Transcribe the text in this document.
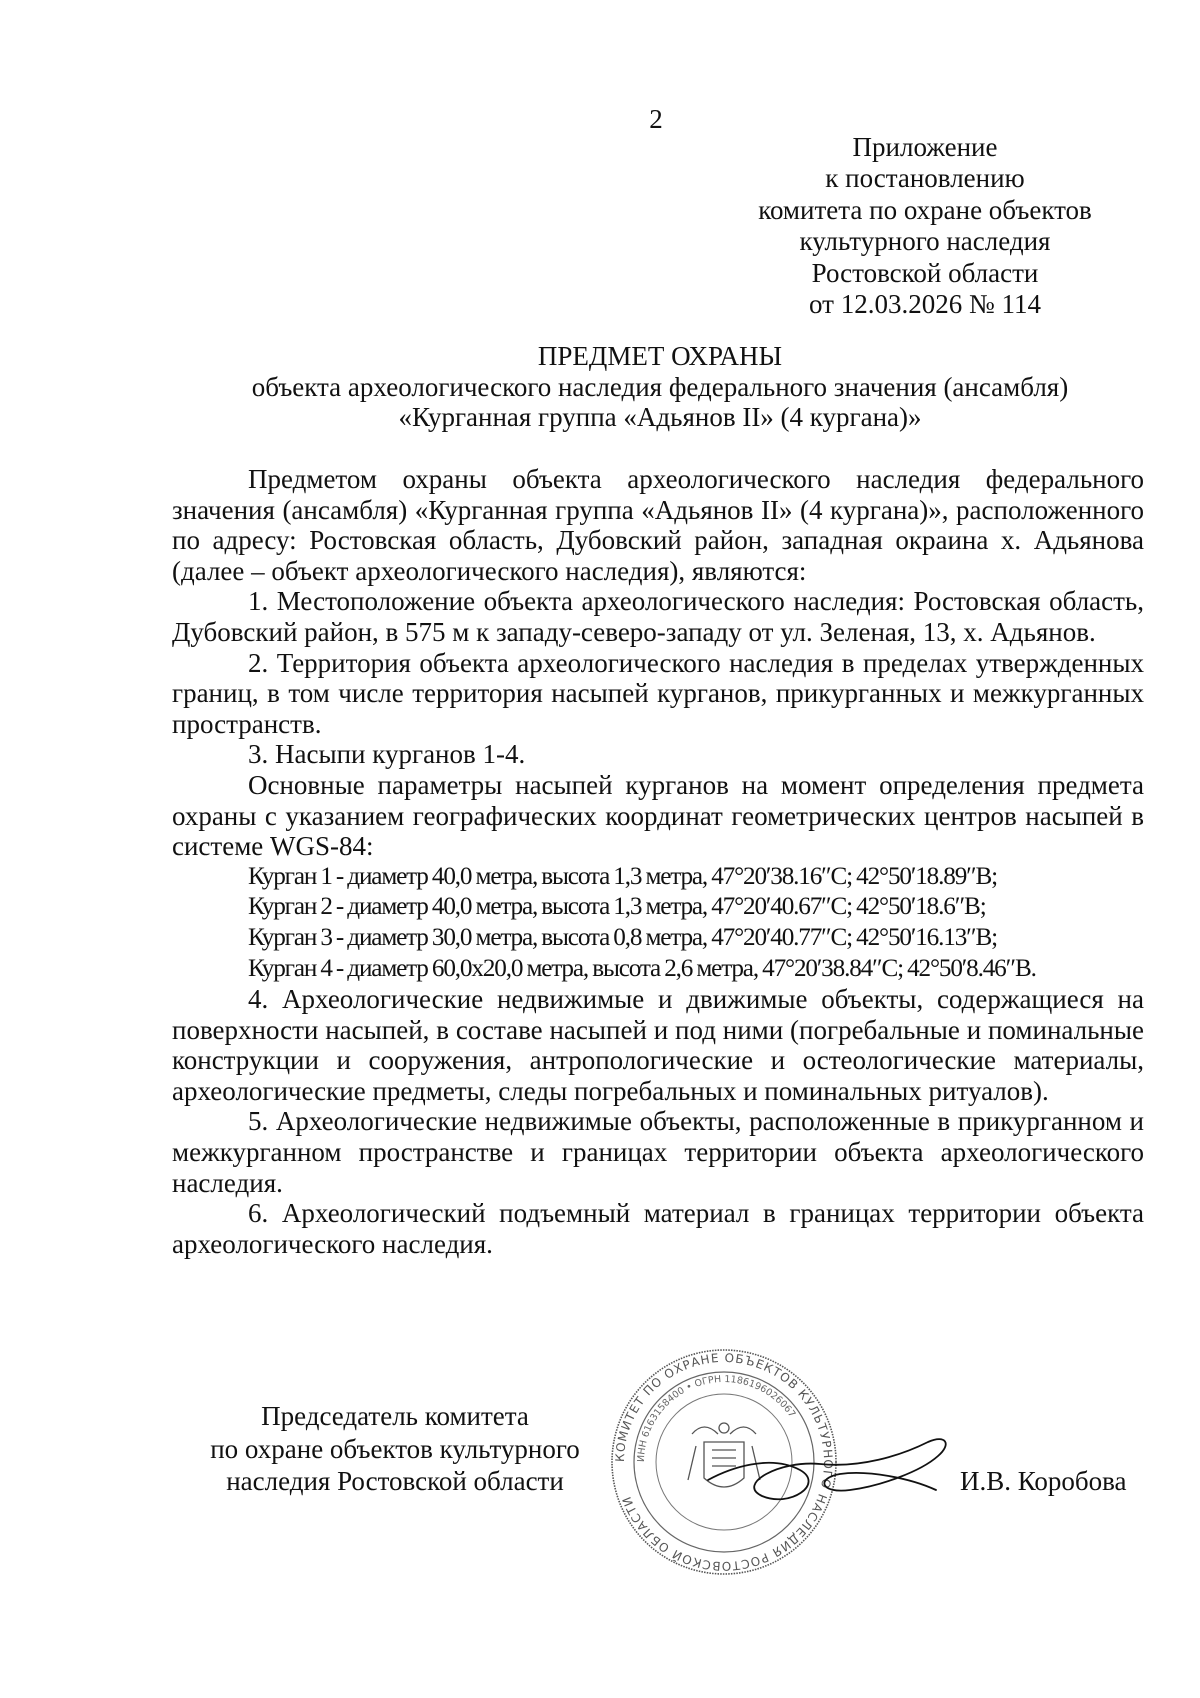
2
Приложение
к постановлению
комитета по охране объектов
культурного наследия
Ростовской области
от 12.03.2026 № 114
ПРЕДМЕТ ОХРАНЫ
объекта археологического наследия федерального значения (ансамбля)
«Курганная группа «Адьянов II» (4 кургана)»

Предметом охраны объекта археологического наследия федерального значения (ансамбля) «Курганная группа «Адьянов II» (4 кургана)», расположенного по адресу: Ростовская область, Дубовский район, западная окраина х. Адьянова (далее – объект археологического наследия), являются:

1. Местоположение объекта археологического наследия: Ростовская область, Дубовский район, в 575 м к западу-северо-западу от ул. Зеленая, 13, х. Адьянов.

2. Территория объекта археологического наследия в пределах утвержденных границ, в том числе территория насыпей курганов, прикурганных и межкурганных пространств.

3. Насыпи курганов 1-4.

Основные параметры насыпей курганов на момент определения предмета охраны с указанием географических координат геометрических центров насыпей в системе WGS-84:

Курган 1 - диаметр 40,0 метра, высота 1,3 метра, 47°20′38.16″С; 42°50′18.89″В;

Курган 2 - диаметр 40,0 метра, высота 1,3 метра, 47°20′40.67″С; 42°50′18.6″В;

Курган 3 - диаметр 30,0 метра, высота 0,8 метра, 47°20′40.77″С; 42°50′16.13″В;

Курган 4 - диаметр 60,0х20,0 метра, высота 2,6 метра, 47°20′38.84″С; 42°50′8.46″В.

4. Археологические недвижимые и движимые объекты, содержащиеся на поверхности насыпей, в составе насыпей и под ними (погребальные и поминальные конструкции и сооружения, антропологические и остеологические материалы, археологические предметы, следы погребальных и поминальных ритуалов).

5. Археологические недвижимые объекты, расположенные в прикурганном и межкурганном пространстве и границах территории объекта археологического наследия.

6. Археологический подъемный материал в границах территории объекта археологического наследия.

Председатель комитета
по охране объектов культурного
наследия Ростовской области
КОМИТЕТ ПО ОХРАНЕ ОБЪЕКТОВ КУЛЬТУРНОГО НАСЛЕДИЯ РОСТОВСКОЙ ОБЛАСТИ
ИНН 6163158400 • ОГРН 1186196026067
И.В. Коробова
